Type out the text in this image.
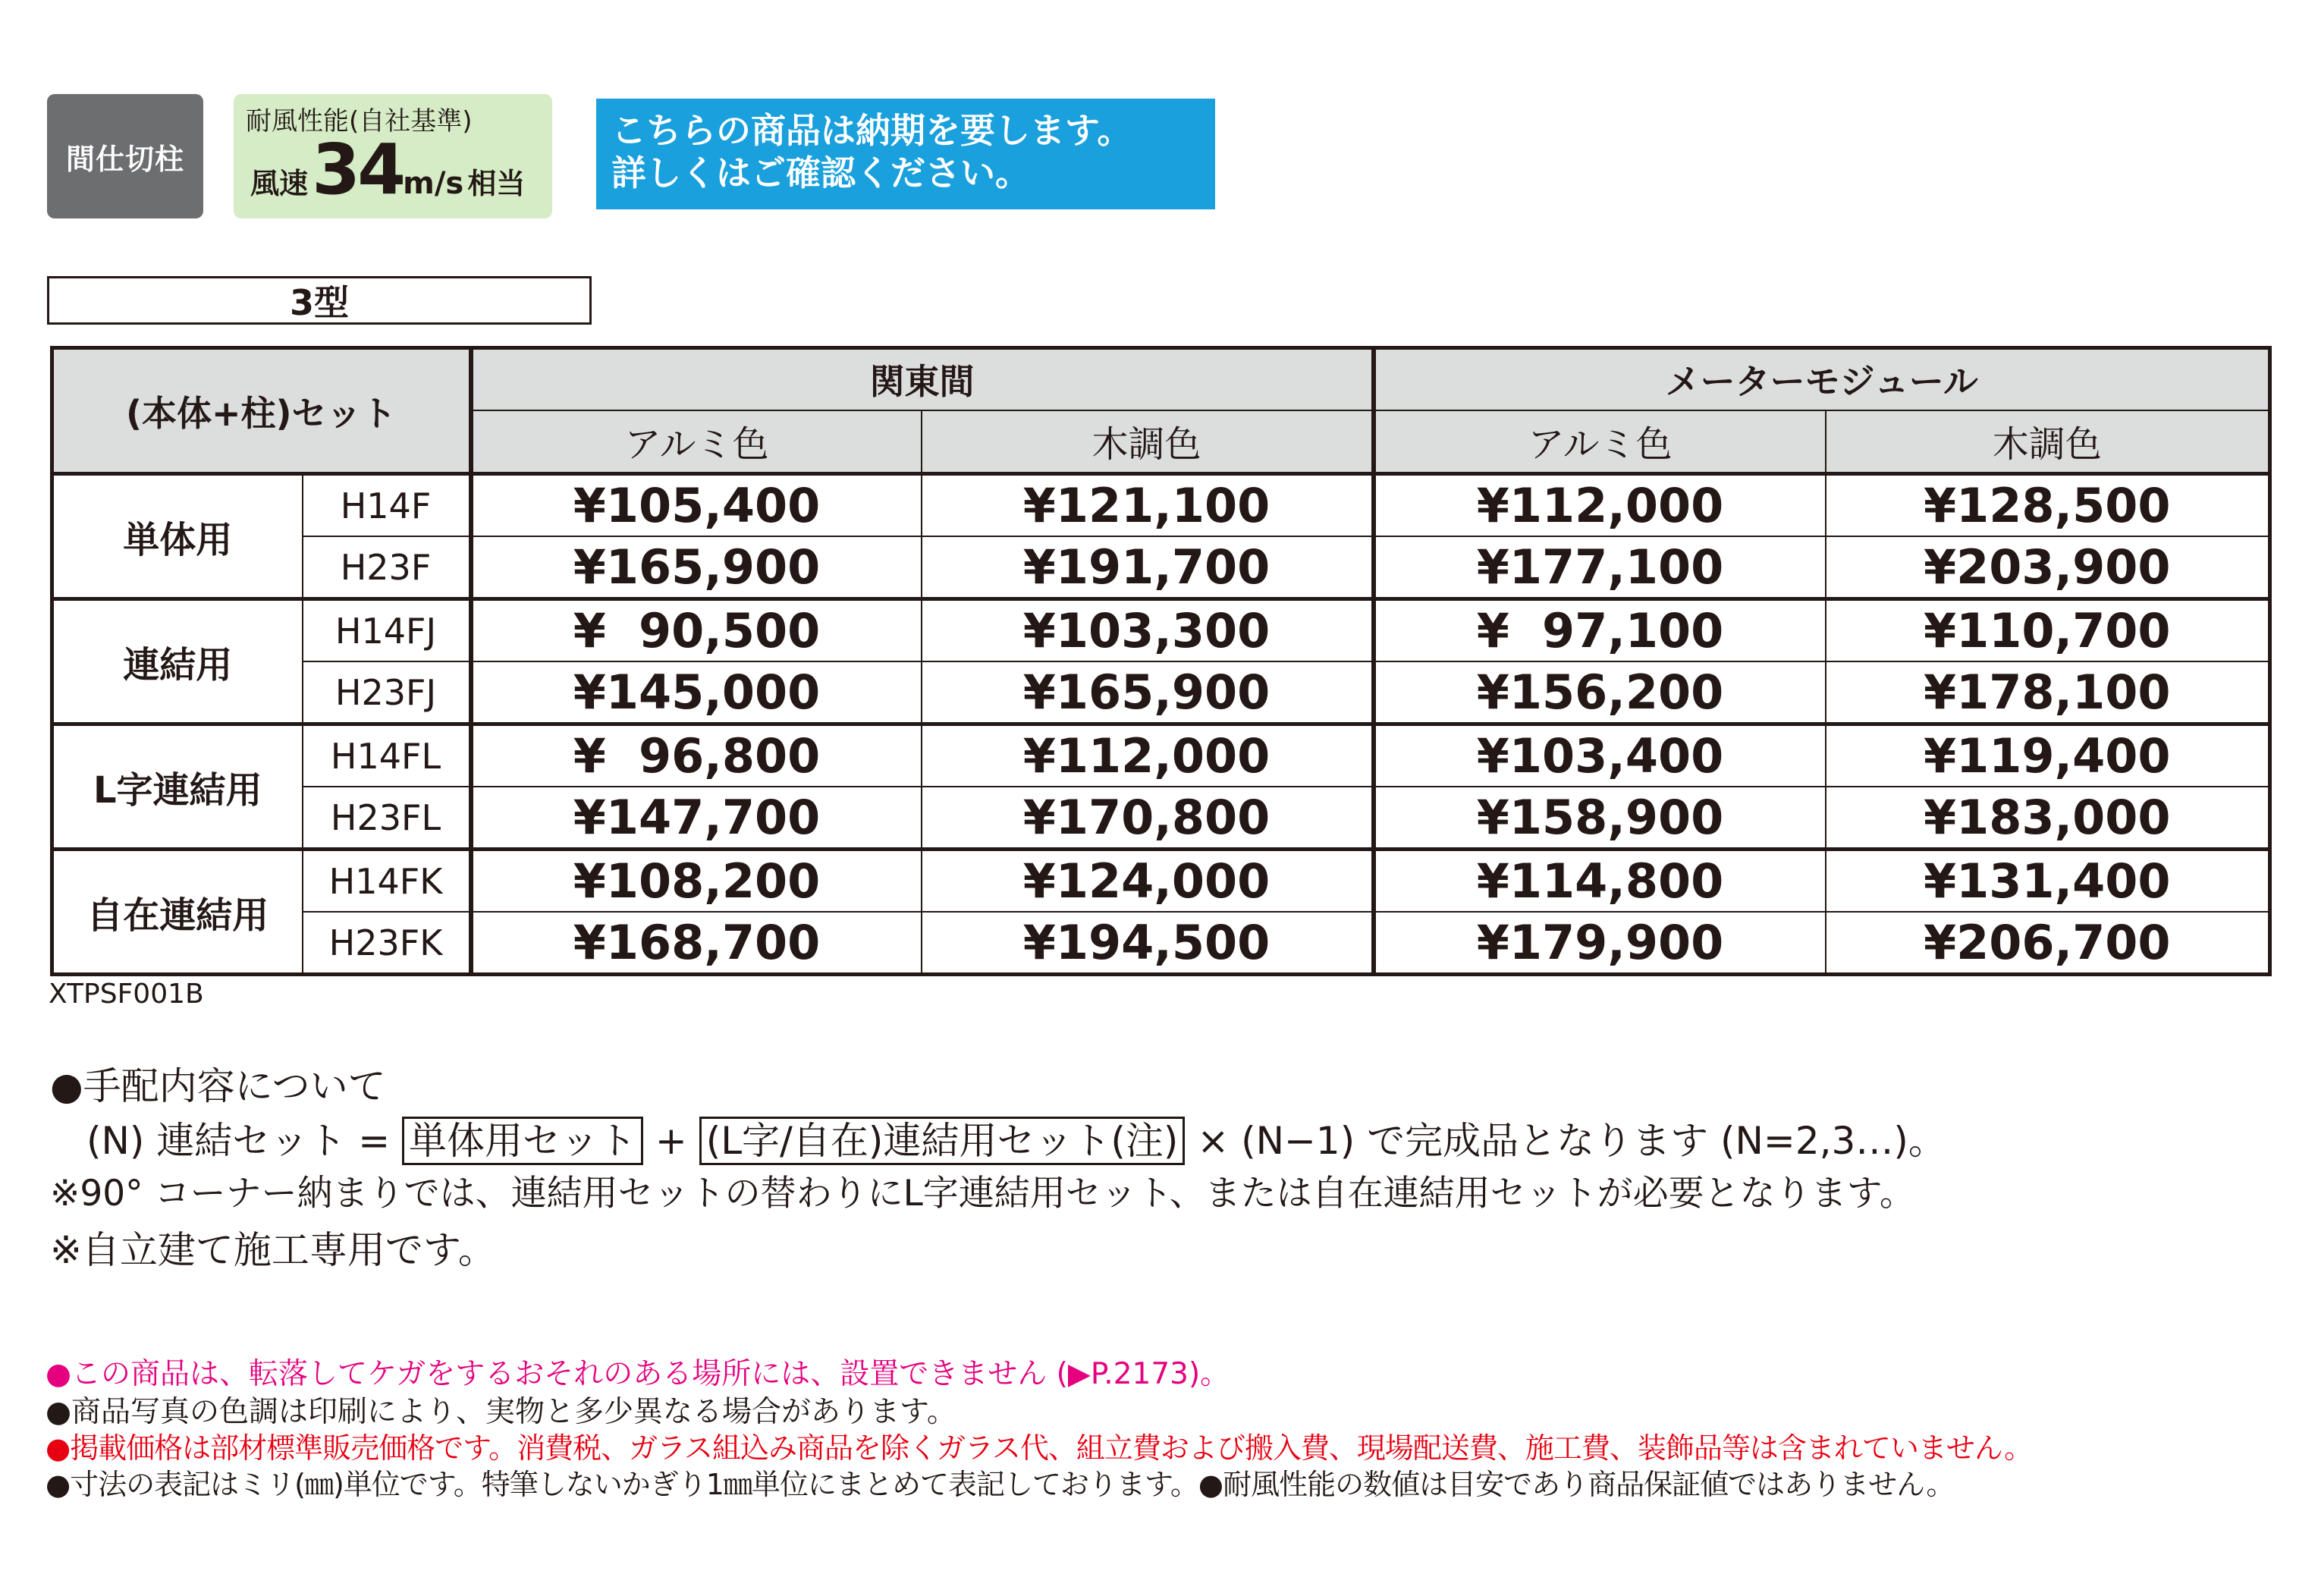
間仕切柱
耐風性能(自社基準)
風速 34m/s 相当
こちらの商品は納期を要します。
詳しくはご確認ください。
3型
(本体+柱)セット		関東間		メーターモジュール	
		アルミ色	木調色	アルミ色	木調色
単体用	H14F	¥105,400	¥121,100	¥112,000	¥128,500
	H23F	¥165,900	¥191,700	¥177,100	¥203,900
連結用	H14FJ	¥  90,500	¥103,300	¥  97,100	¥110,700
	H23FJ	¥145,000	¥165,900	¥156,200	¥178,100
L字連結用	H14FL	¥  96,800	¥112,000	¥103,400	¥119,400
	H23FL	¥147,700	¥170,800	¥158,900	¥183,000
自在連結用	H14FK	¥108,200	¥124,000	¥114,800	¥131,400
	H23FK	¥168,700	¥194,500	¥179,900	¥206,700
XTPSF001B
●手配内容について
(N) 連結セット = 単体用セット + (L字/自在)連結用セット(注) × (N−1) で完成品となります (N=2,3…)。
※90° コーナー納まりでは、連結用セットの替わりにL字連結用セット、または自在連結用セットが必要となります。
※自立建て施工専用です。
●この商品は、転落してケガをするおそれのある場所には、設置できません (▶P.2173)。
●商品写真の色調は印刷により、実物と多少異なる場合があります。
●掲載価格は部材標準販売価格です。消費税、ガラス組込み商品を除くガラス代、組立費および搬入費、現場配送費、施工費、装飾品等は含まれていません。
●寸法の表記はミリ(㎜)単位です。特筆しないかぎり1㎜単位にまとめて表記しております。●耐風性能の数値は目安であり商品保証値ではありません。
